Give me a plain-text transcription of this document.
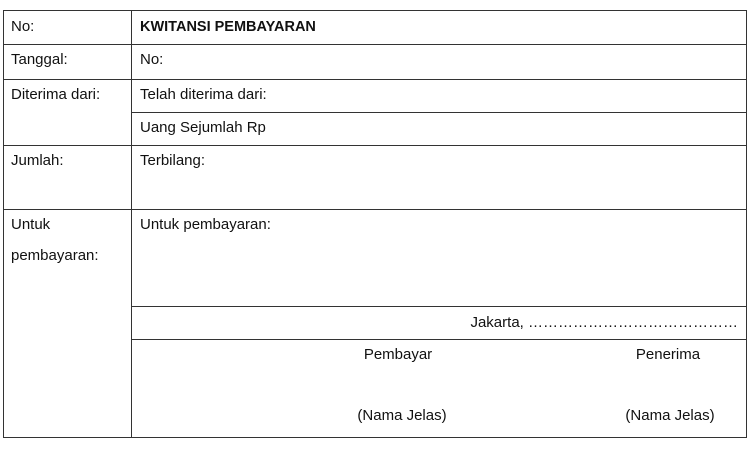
No:
Tanggal:
Diterima dari:
Jumlah:
Untuk
pembayaran:
KWITANSI PEMBAYARAN
No:
Telah diterima dari:
Uang Sejumlah Rp
Terbilang:
Untuk pembayaran:
Jakarta, ……………………………………
Pembayar	Penerima
(Nama Jelas)	(Nama Jelas)
